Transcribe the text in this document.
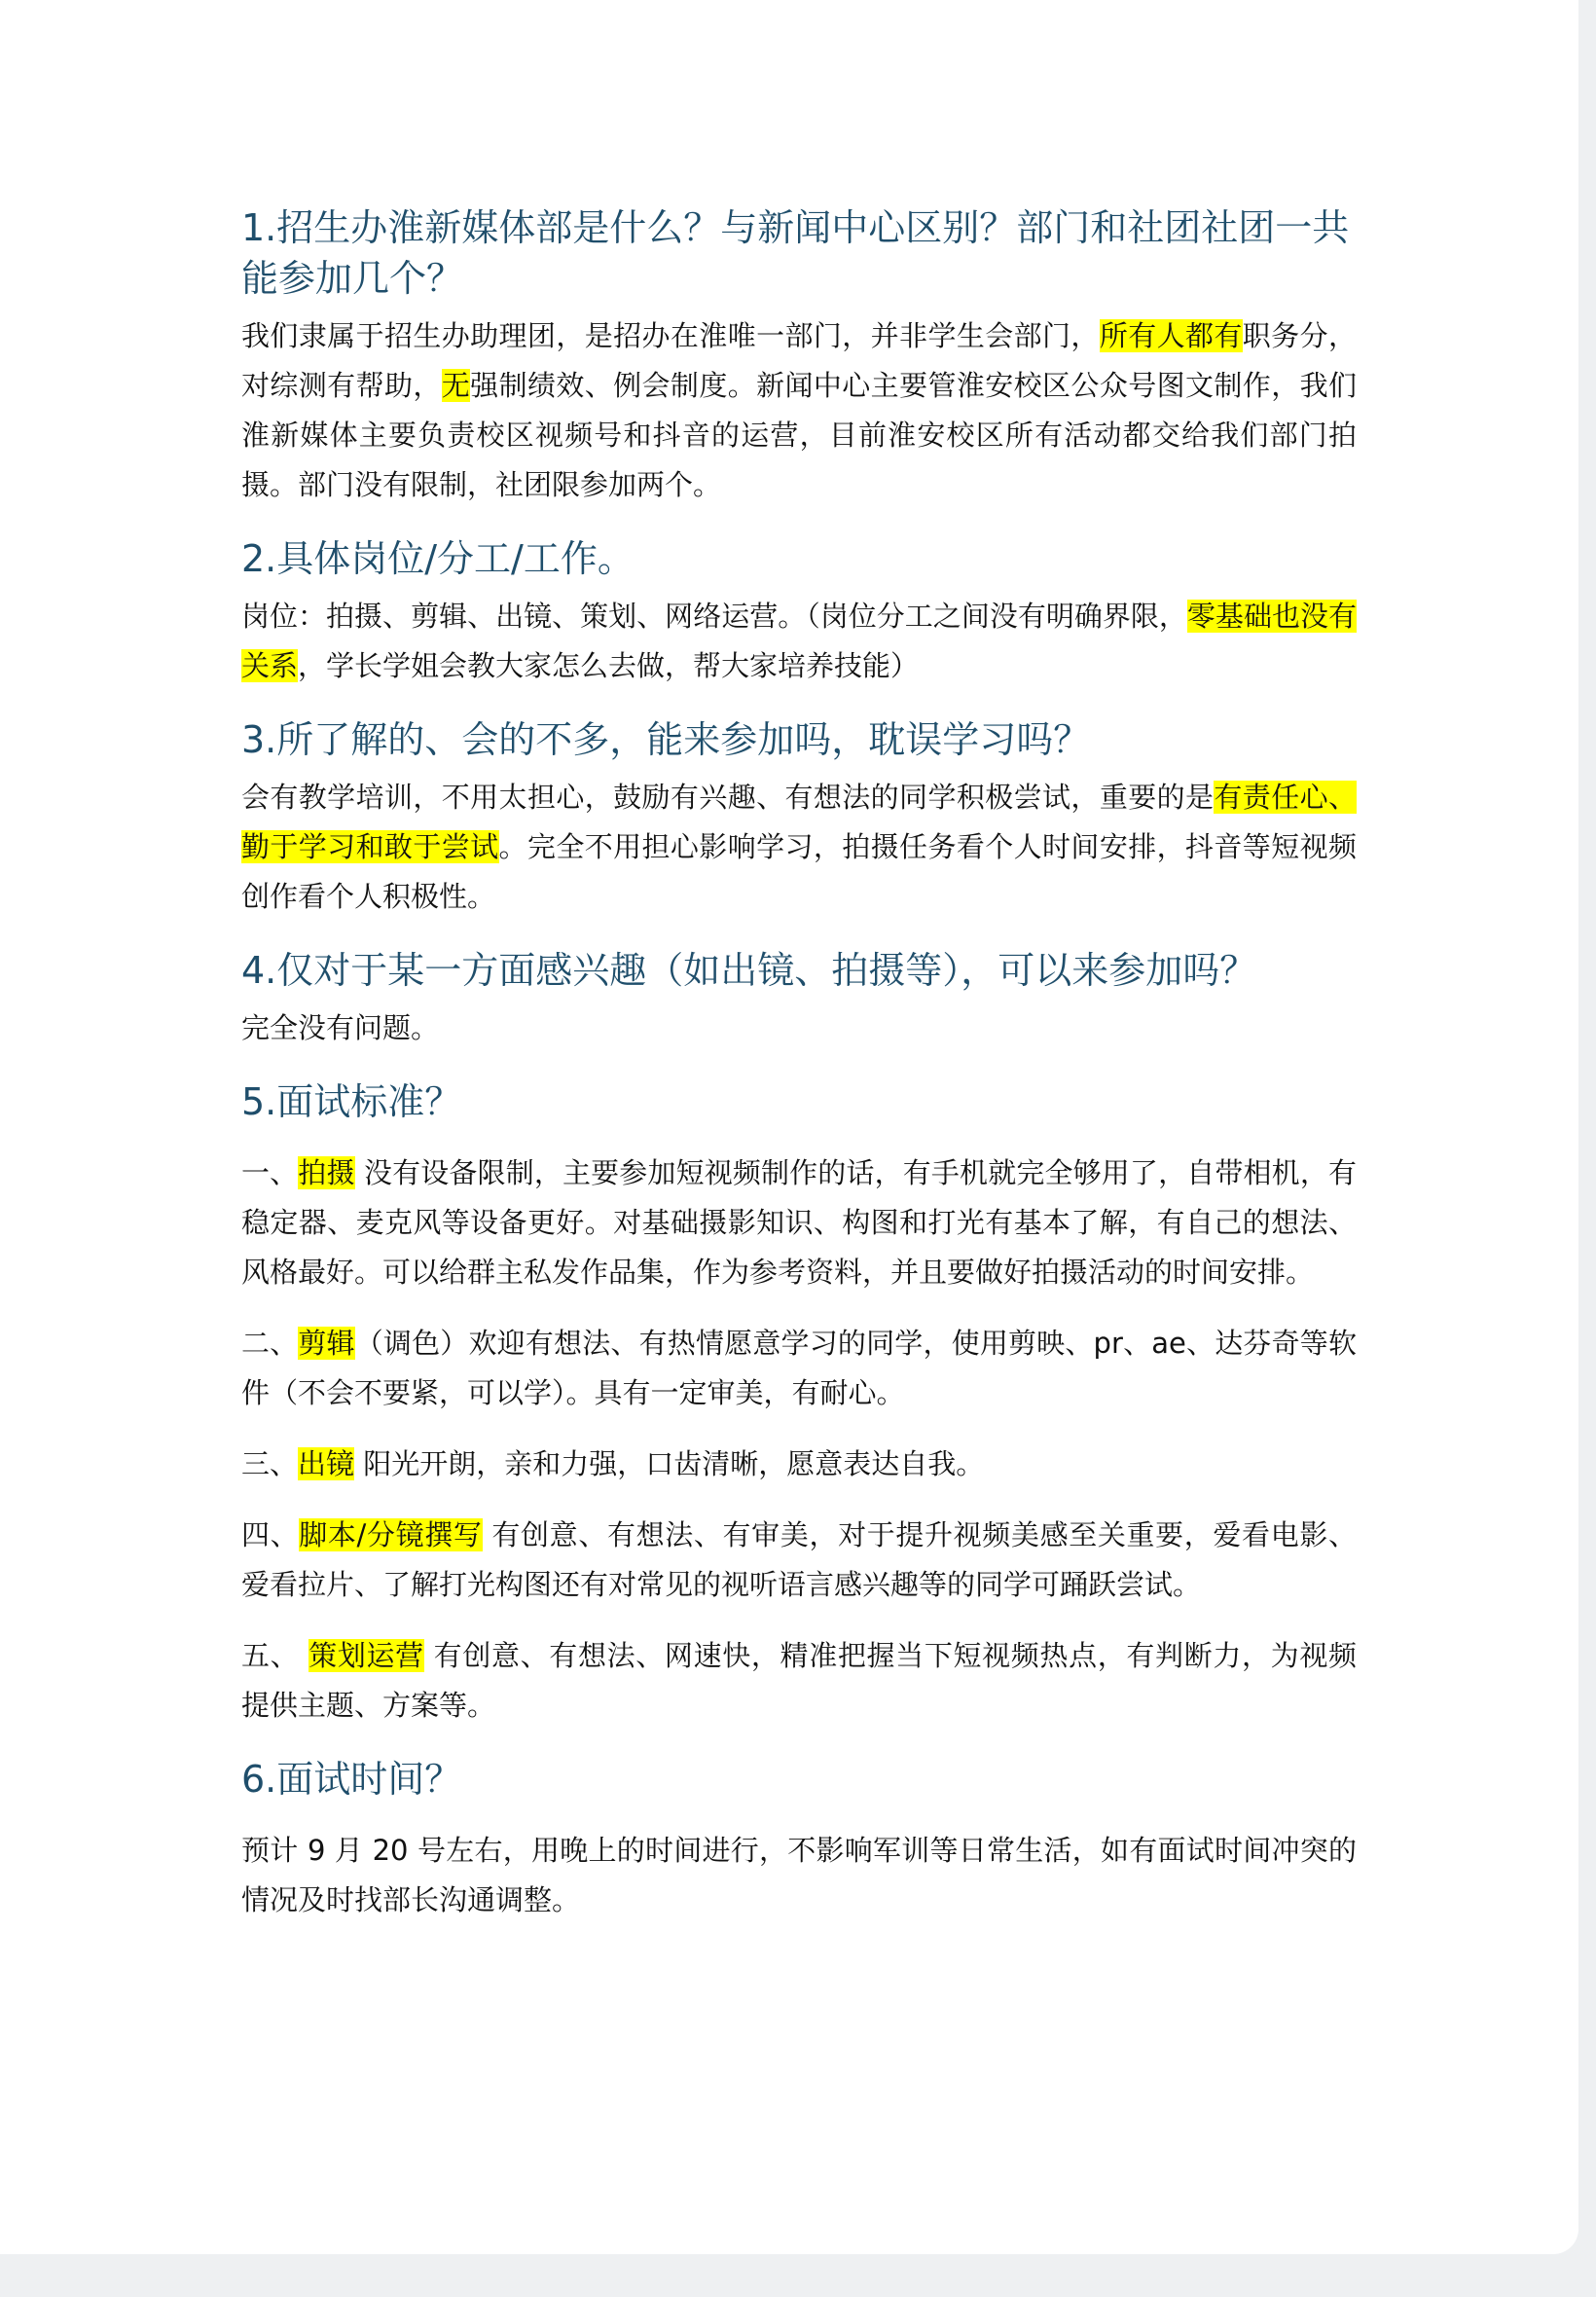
1.招生办淮新媒体部是什么？与新闻中心区别？部门和社团社团一共能参加几个？

我们隶属于招生办助理团，是招办在淮唯一部门，并非学生会部门，所有人都有职务分，对综测有帮助，无强制绩效、例会制度。新闻中心主要管淮安校区公众号图文制作，我们淮新媒体主要负责校区视频号和抖音的运营，目前淮安校区所有活动都交给我们部门拍摄。部门没有限制，社团限参加两个。

2.具体岗位/分工/工作。

岗位：拍摄、剪辑、出镜、策划、网络运营。（岗位分工之间没有明确界限，零基础也没有关系，学长学姐会教大家怎么去做，帮大家培养技能）

3.所了解的、会的不多，能来参加吗，耽误学习吗？

会有教学培训，不用太担心，鼓励有兴趣、有想法的同学积极尝试，重要的是有责任心、勤于学习和敢于尝试。完全不用担心影响学习，拍摄任务看个人时间安排，抖音等短视频创作看个人积极性。

4.仅对于某一方面感兴趣（如出镜、拍摄等），可以来参加吗？

完全没有问题。

5.面试标准？

一、拍摄 没有设备限制，主要参加短视频制作的话，有手机就完全够用了，自带相机，有稳定器、麦克风等设备更好。对基础摄影知识、构图和打光有基本了解，有自己的想法、风格最好。可以给群主私发作品集，作为参考资料，并且要做好拍摄活动的时间安排。

二、剪辑（调色）欢迎有想法、有热情愿意学习的同学，使用剪映、pr、ae、达芬奇等软件（不会不要紧，可以学）。具有一定审美，有耐心。

三、出镜 阳光开朗，亲和力强，口齿清晰，愿意表达自我。

四、脚本/分镜撰写 有创意、有想法、有审美，对于提升视频美感至关重要，爱看电影、爱看拉片、了解打光构图还有对常见的视听语言感兴趣等的同学可踊跃尝试。

五、 策划运营 有创意、有想法、网速快，精准把握当下短视频热点，有判断力，为视频提供主题、方案等。

6.面试时间？

预计 9 月 20 号左右，用晚上的时间进行，不影响军训等日常生活，如有面试时间冲突的情况及时找部长沟通调整。
